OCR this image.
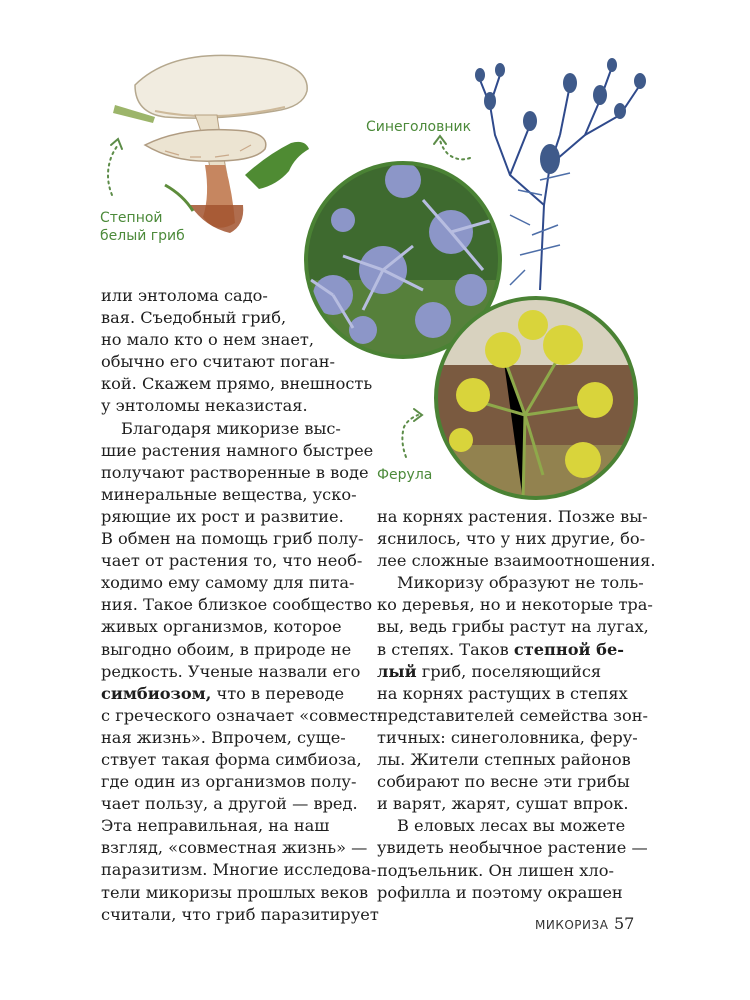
Степной
белый гриб
Синеголовник
Ферула
или энтолома садо-
вая. Съедобный гриб,
но мало кто о нем знает,
обычно его считают поган-
кой. Скажем прямо, внешность
у энтоломы неказистая.
Благодаря микоризе выс-
шие растения намного быстрее
получают растворенные в воде
минеральные вещества, уско-
ряющие их рост и развитие.
В обмен на помощь гриб полу-
чает от растения то, что необ-
ходимо ему самому для пита-
ния. Такое близкое сообщество
живых организмов, которое
выгодно обоим, в природе не
редкость. Ученые назвали его
симбиозом, что в переводе
с греческого означает «совмест-
ная жизнь». Впрочем, суще-
ствует такая форма симбиоза,
где один из организмов полу-
чает пользу, а другой — вред.
Эта неправильная, на наш
взгляд, «совместная жизнь» —
паразитизм. Многие исследова-
тели микоризы прошлых веков
считали, что гриб паразитирует
на корнях растения. Позже вы-
яснилось, что у них другие, бо-
лее сложные взаимоотношения.
Микоризу образуют не толь-
ко деревья, но и некоторые тра-
вы, ведь грибы растут на лугах,
в степях. Таков степной бе-
лый гриб, поселяющийся
на корнях растущих в степях
представителей семейства зон-
тичных: синеголовника, феру-
лы. Жители степных районов
собирают по весне эти грибы
и варят, жарят, сушат впрок.
В еловых лесах вы можете
увидеть необычное растение —
подъельник. Он лишен хло-
рофилла и поэтому окрашен
МИКОРИЗА 57
